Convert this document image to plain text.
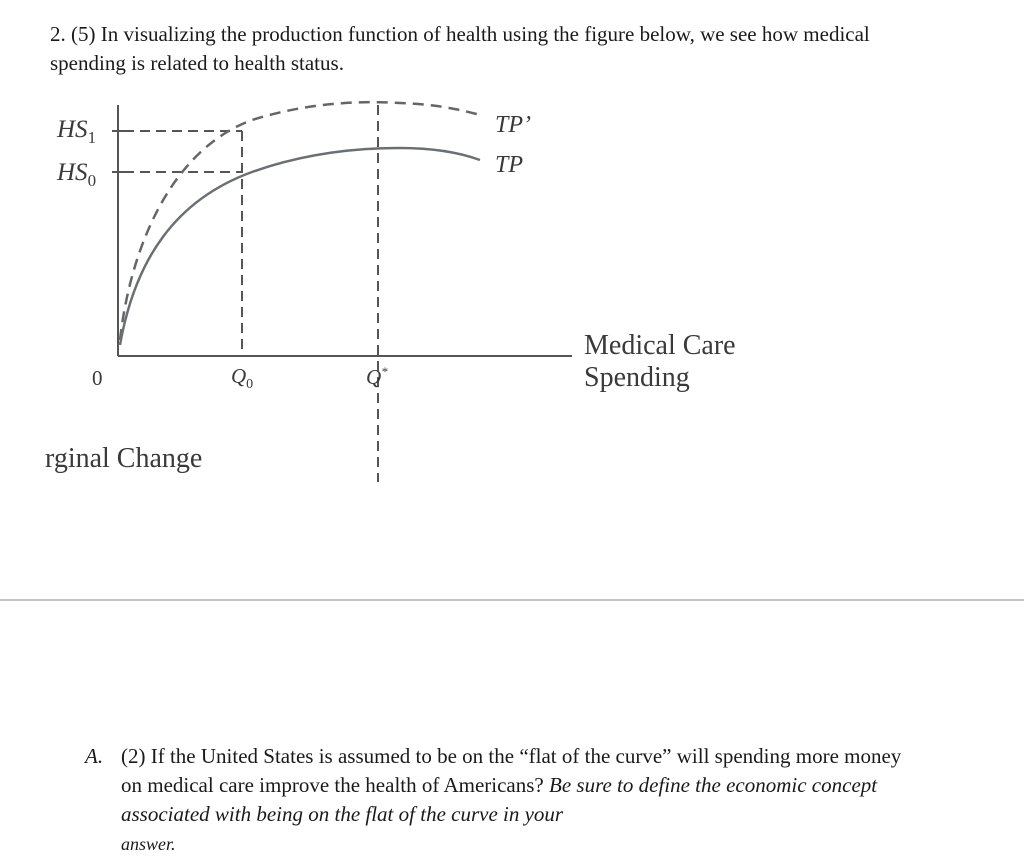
2. (5) In visualizing the production function of health using the figure below, we see how medical spending is related to health status.
$HS_1$
$HS_0$
TP’
TP
0	$Q_0$	Q*
Medical Care
Spending
rginal Change
A. (2) If the United States is assumed to be on the “flat of the curve” will spending more money on medical care improve the health of Americans? Be sure to define the economic concept associated with being on the flat of the curve in your
answer.
